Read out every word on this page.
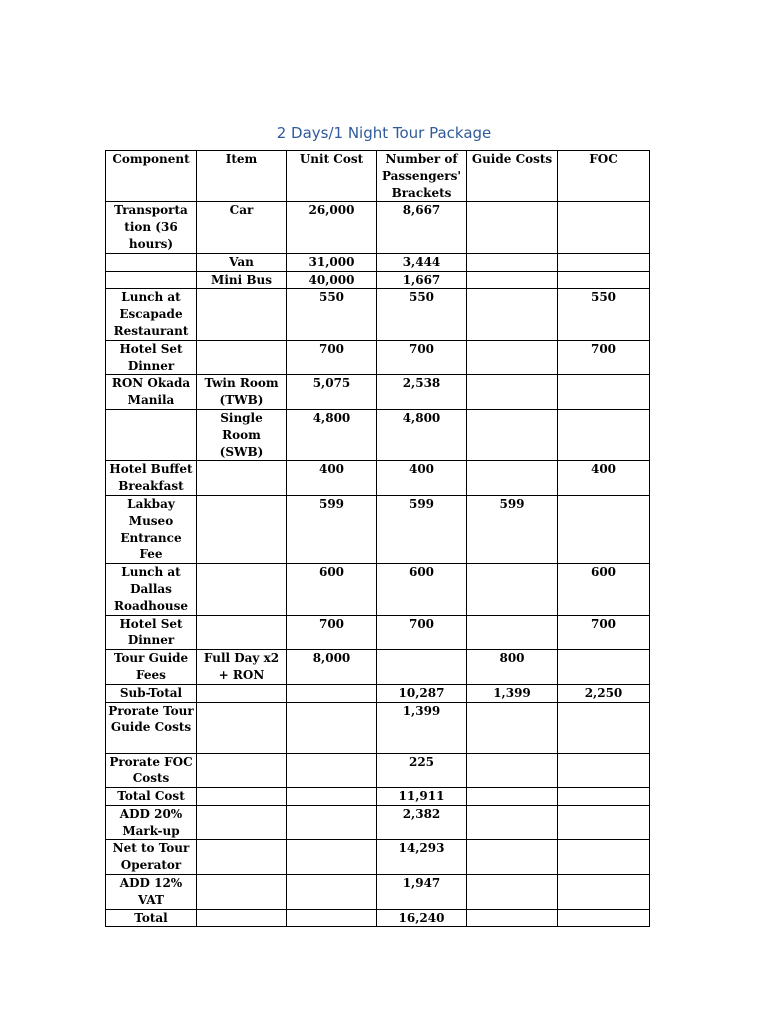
2 Days/1 Night Tour Package
Component	Item	Unit Cost	Number of Passengers' Brackets	Guide Costs	FOC
Transporta tion (36 hours)	Car	26,000	8,667		
	Van	31,000	3,444		
	Mini Bus	40,000	1,667		
Lunch at Escapade Restaurant		550	550		550
Hotel Set Dinner		700	700		700
RON Okada Manila	Twin Room (TWB)	5,075	2,538		
	Single Room (SWB)	4,800	4,800		
Hotel Buffet Breakfast		400	400		400
Lakbay Museo Entrance Fee		599	599	599	
Lunch at Dallas Roadhouse		600	600		600
Hotel Set Dinner		700	700		700
Tour Guide Fees	Full Day x2 + RON	8,000		800	
Sub-Total			10,287	1,399	2,250
Prorate Tour Guide Costs			1,399		
Prorate FOC Costs			225		
Total Cost			11,911		
ADD 20% Mark-up			2,382		
Net to Tour Operator			14,293		
ADD 12% VAT			1,947		
Total			16,240		
